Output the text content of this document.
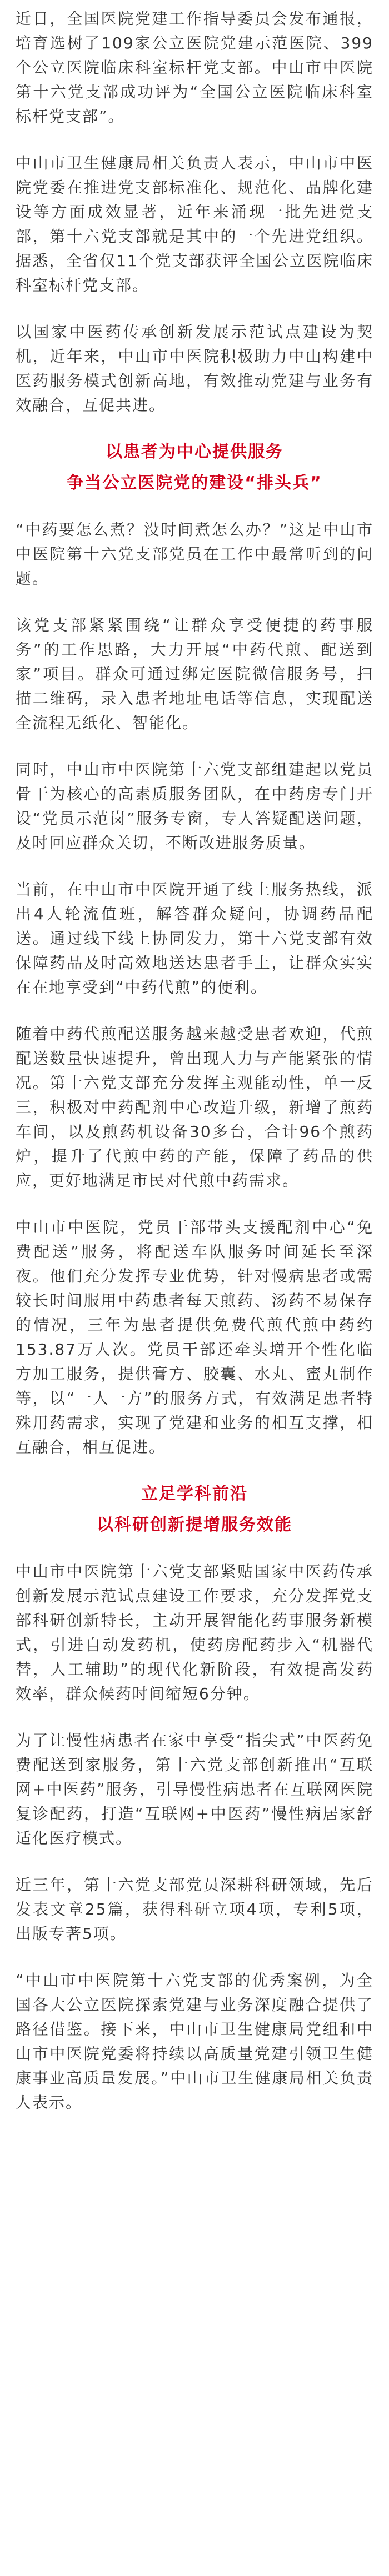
近日，全国医院党建工作指导委员会发布通报，培育选树了109家公立医院党建示范医院、399个公立医院临床科室标杆党支部。中山市中医院第十六党支部成功评为“全国公立医院临床科室标杆党支部”。

中山市卫生健康局相关负责人表示，中山市中医院党委在推进党支部标准化、规范化、品牌化建设等方面成效显著，近年来涌现一批先进党支部，第十六党支部就是其中的一个先进党组织。据悉，全省仅11个党支部获评全国公立医院临床科室标杆党支部。

以国家中医药传承创新发展示范试点建设为契机，近年来，中山市中医院积极助力中山构建中医药服务模式创新高地，有效推动党建与业务有效融合，互促共进。

以患者为中心提供服务
争当公立医院党的建设“排头兵”

“中药要怎么煮？没时间煮怎么办？”这是中山市中医院第十六党支部党员在工作中最常听到的问题。

该党支部紧紧围绕“让群众享受便捷的药事服务”的工作思路，大力开展“中药代煎、配送到家”项目。群众可通过绑定医院微信服务号，扫描二维码，录入患者地址电话等信息，实现配送全流程无纸化、智能化。

同时，中山市中医院第十六党支部组建起以党员骨干为核心的高素质服务团队，在中药房专门开设“党员示范岗”服务专窗，专人答疑配送问题，及时回应群众关切，不断改进服务质量。

当前，在中山市中医院开通了线上服务热线，派出4人轮流值班，解答群众疑问，协调药品配送。通过线下线上协同发力，第十六党支部有效保障药品及时高效地送达患者手上，让群众实实在在地享受到“中药代煎”的便利。

随着中药代煎配送服务越来越受患者欢迎，代煎配送数量快速提升，曾出现人力与产能紧张的情况。第十六党支部充分发挥主观能动性，单一反三，积极对中药配剂中心改造升级，新增了煎药车间，以及煎药机设备30多台，合计96个煎药炉，提升了代煎中药的产能，保障了药品的供应，更好地满足市民对代煎中药需求。

中山市中医院，党员干部带头支援配剂中心“免费配送”服务，将配送车队服务时间延长至深夜。他们充分发挥专业优势，针对慢病患者或需较长时间服用中药患者每天煎药、汤药不易保存的情况，三年为患者提供免费代煎代煎中药约153.87万人次。党员干部还牵头增开个性化临方加工服务，提供膏方、胶囊、水丸、蜜丸制作等，以“一人一方”的服务方式，有效满足患者特殊用药需求，实现了党建和业务的相互支撑，相互融合，相互促进。

立足学科前沿
以科研创新提增服务效能

中山市中医院第十六党支部紧贴国家中医药传承创新发展示范试点建设工作要求，充分发挥党支部科研创新特长，主动开展智能化药事服务新模式，引进自动发药机，使药房配药步入“机器代替，人工辅助”的现代化新阶段，有效提高发药效率，群众候药时间缩短6分钟。

为了让慢性病患者在家中享受“指尖式”中医药免费配送到家服务，第十六党支部创新推出“互联网+中医药”服务，引导慢性病患者在互联网医院复诊配药，打造“互联网+中医药”慢性病居家舒适化医疗模式。

近三年，第十六党支部党员深耕科研领域，先后发表文章25篇，获得科研立项4项，专利5项，出版专著5项。

“中山市中医院第十六党支部的优秀案例，为全国各大公立医院探索党建与业务深度融合提供了路径借鉴。接下来，中山市卫生健康局党组和中山市中医院党委将持续以高质量党建引领卫生健康事业高质量发展。”中山市卫生健康局相关负责人表示。
